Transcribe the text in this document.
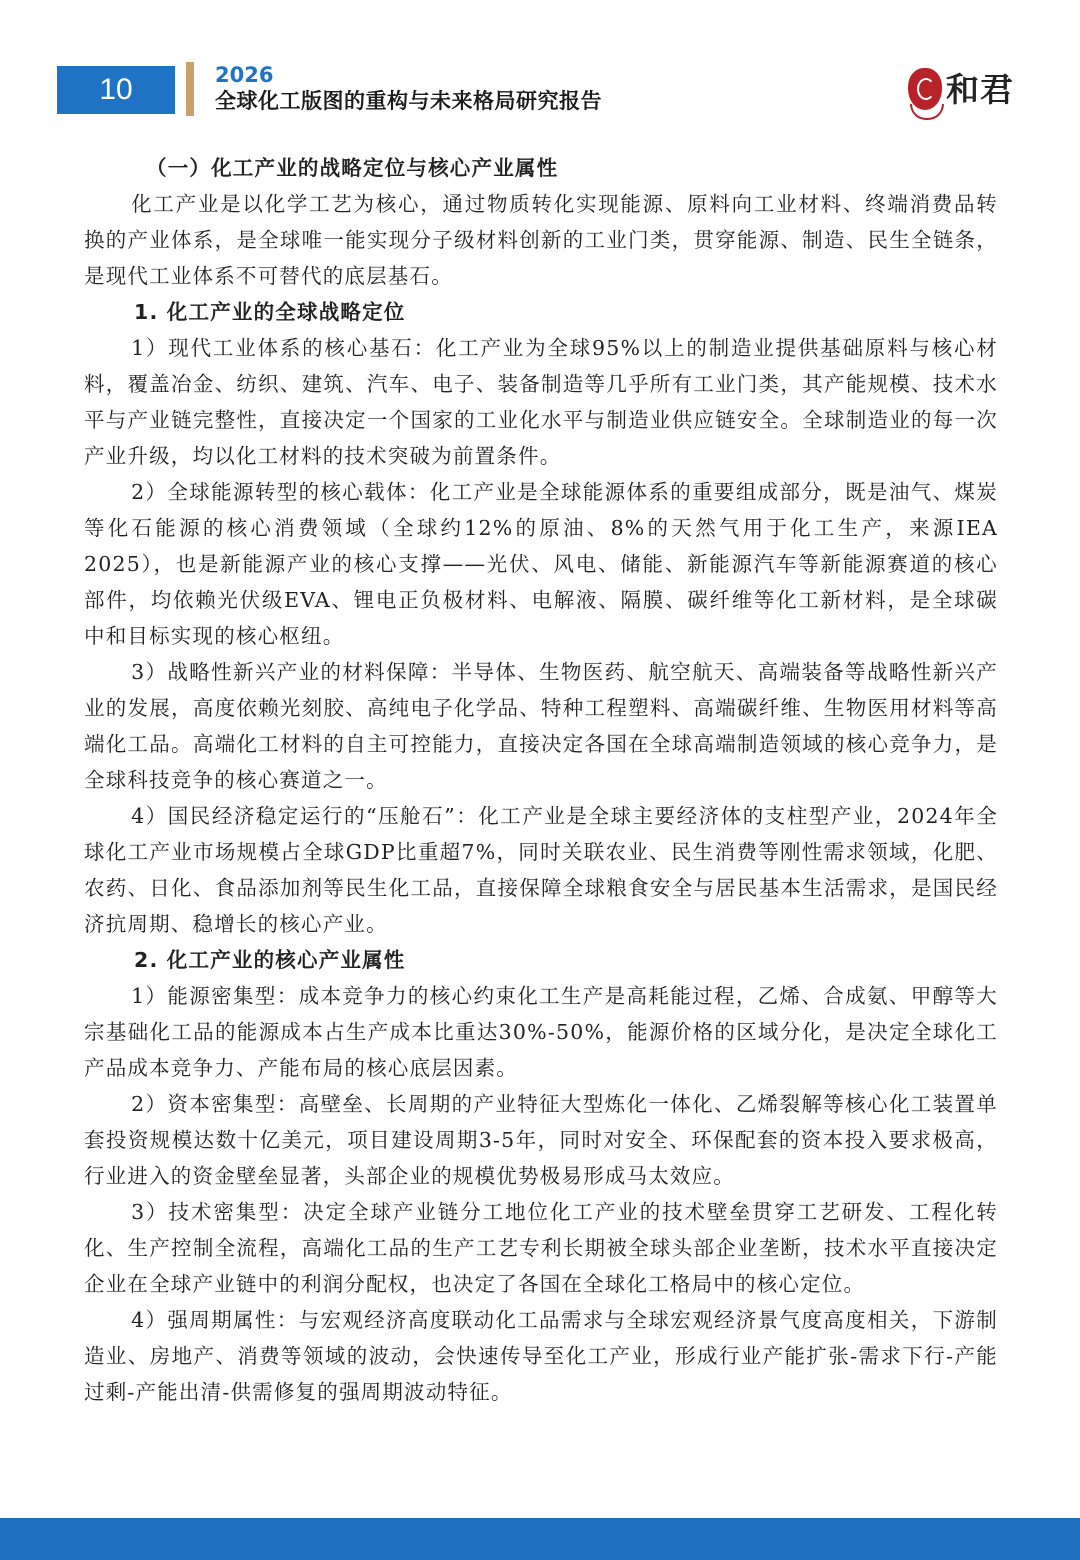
10	2026
全球化工版图的重构与未来格局研究报告	和君

（一）化工产业的战略定位与核心产业属性

化工产业是以化学工艺为核心，通过物质转化实现能源、原料向工业材料、终端消费品转换的产业体系，是全球唯一能实现分子级材料创新的工业门类，贯穿能源、制造、民生全链条，是现代工业体系不可替代的底层基石。

1. 化工产业的全球战略定位

1）现代工业体系的核心基石：化工产业为全球95%以上的制造业提供基础原料与核心材料，覆盖冶金、纺织、建筑、汽车、电子、装备制造等几乎所有工业门类，其产能规模、技术水平与产业链完整性，直接决定一个国家的工业化水平与制造业供应链安全。全球制造业的每一次产业升级，均以化工材料的技术突破为前置条件。

2）全球能源转型的核心载体：化工产业是全球能源体系的重要组成部分，既是油气、煤炭等化石能源的核心消费领域（全球约12%的原油、8%的天然气用于化工生产，来源IEA 2025），也是新能源产业的核心支撑——光伏、风电、储能、新能源汽车等新能源赛道的核心部件，均依赖光伏级EVA、锂电正负极材料、电解液、隔膜、碳纤维等化工新材料，是全球碳中和目标实现的核心枢纽。

3）战略性新兴产业的材料保障：半导体、生物医药、航空航天、高端装备等战略性新兴产业的发展，高度依赖光刻胶、高纯电子化学品、特种工程塑料、高端碳纤维、生物医用材料等高端化工品。高端化工材料的自主可控能力，直接决定各国在全球高端制造领域的核心竞争力，是全球科技竞争的核心赛道之一。

4）国民经济稳定运行的“压舱石”：化工产业是全球主要经济体的支柱型产业，2024年全球化工产业市场规模占全球GDP比重超7%，同时关联农业、民生消费等刚性需求领域，化肥、农药、日化、食品添加剂等民生化工品，直接保障全球粮食安全与居民基本生活需求，是国民经济抗周期、稳增长的核心产业。

2. 化工产业的核心产业属性

1）能源密集型：成本竞争力的核心约束化工生产是高耗能过程，乙烯、合成氨、甲醇等大宗基础化工品的能源成本占生产成本比重达30%-50%，能源价格的区域分化，是决定全球化工产品成本竞争力、产能布局的核心底层因素。

2）资本密集型：高壁垒、长周期的产业特征大型炼化一体化、乙烯裂解等核心化工装置单套投资规模达数十亿美元，项目建设周期3-5年，同时对安全、环保配套的资本投入要求极高，行业进入的资金壁垒显著，头部企业的规模优势极易形成马太效应。

3）技术密集型：决定全球产业链分工地位化工产业的技术壁垒贯穿工艺研发、工程化转化、生产控制全流程，高端化工品的生产工艺专利长期被全球头部企业垄断，技术水平直接决定企业在全球产业链中的利润分配权，也决定了各国在全球化工格局中的核心定位。

4）强周期属性：与宏观经济高度联动化工品需求与全球宏观经济景气度高度相关，下游制造业、房地产、消费等领域的波动，会快速传导至化工产业，形成行业产能扩张-需求下行-产能过剩-产能出清-供需修复的强周期波动特征。
